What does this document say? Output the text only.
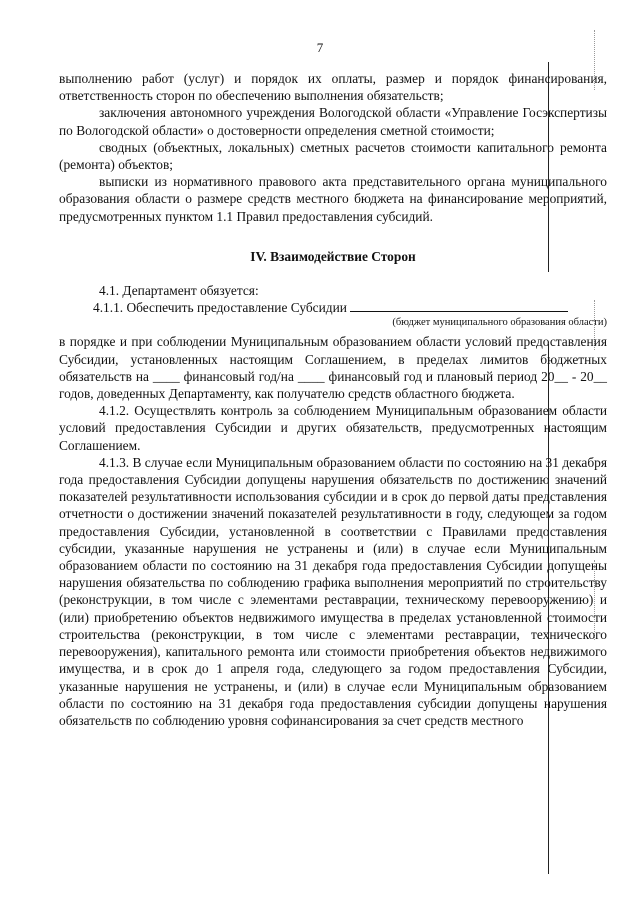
7

выполнению работ (услуг) и порядок их оплаты, размер и порядок финансирования, ответственность сторон по обеспечению выполнения обязательств;

заключения автономного учреждения Вологодской области «Управление Госэкспертизы по Вологодской области» о достоверности определения сметной стоимости;

сводных (объектных, локальных) сметных расчетов стоимости капитального ремонта (ремонта) объектов;

выписки из нормативного правового акта представительного органа муниципального образования области о размере средств местного бюджета на финансирование мероприятий, предусмотренных пунктом 1.1 Правил предоставления субсидий.

IV. Взаимодействие Сторон

4.1. Департамент обязуется:

4.1.1. Обеспечить предоставление Субсидии

(бюджет муниципального образования области)

в порядке и при соблюдении Муниципальным образованием области условий предоставления Субсидии, установленных настоящим Соглашением, в пределах лимитов бюджетных обязательств на ____ финансовый год/на ____ финансовый год и плановый период 20__ - 20__ годов, доведенных Департаменту, как получателю средств областного бюджета.

4.1.2. Осуществлять контроль за соблюдением Муниципальным образованием области условий предоставления Субсидии и других обязательств, предусмотренных настоящим Соглашением.

4.1.3. В случае если Муниципальным образованием области по состоянию на 31 декабря года предоставления Субсидии допущены нарушения обязательств по достижению значений показателей результативности использования субсидии и в срок до первой даты представления отчетности о достижении значений показателей результативности в году, следующем за годом предоставления Субсидии, установленной в соответствии с Правилами предоставления субсидии, указанные нарушения не устранены и (или) в случае если Муниципальным образованием области по состоянию на 31 декабря года предоставления Субсидии допущены нарушения обязательства по соблюдению графика выполнения мероприятий по строительству (реконструкции, в том числе с элементами реставрации, техническому перевооружению) и (или) приобретению объектов недвижимого имущества в пределах установленной стоимости строительства (реконструкции, в том числе с элементами реставрации, технического перевооружения), капитального ремонта или стоимости приобретения объектов недвижимого имущества, и в срок до 1 апреля года, следующего за годом предоставления Субсидии, указанные нарушения не устранены, и (или) в случае если Муниципальным образованием области по состоянию на 31 декабря года предоставления субсидии допущены нарушения обязательств по соблюдению уровня софинансирования за счет средств местного
